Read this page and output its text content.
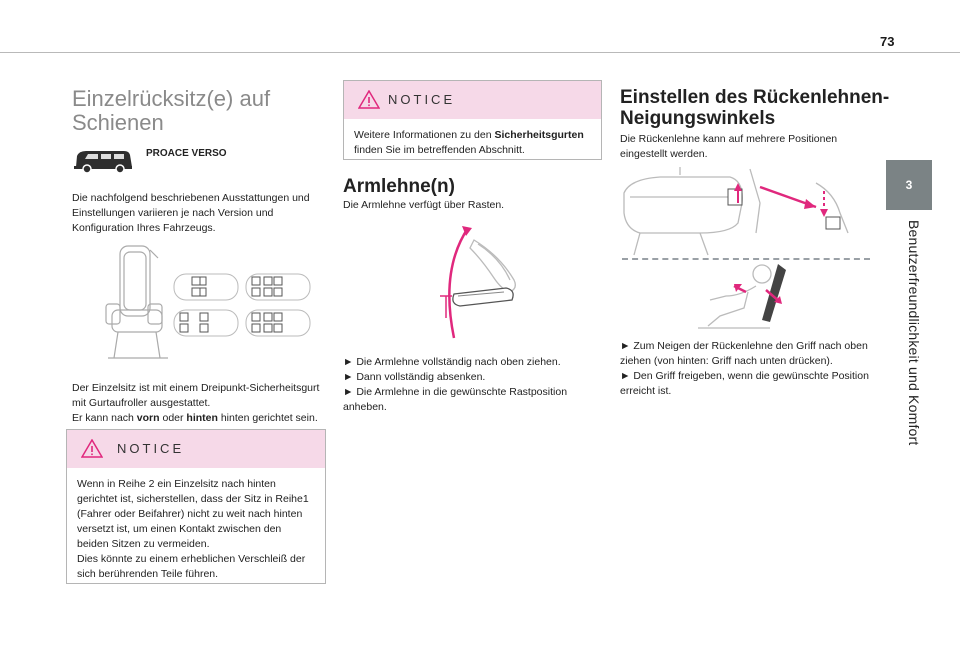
73
3
Benutzerfreundlichkeit und Komfort
Einzelrücksitz(e) auf
Schienen
PROACE VERSO
Die nachfolgend beschriebenen Ausstattungen und Einstellungen variieren je nach Version und Konfiguration Ihres Fahrzeugs.
Der Einzelsitz ist mit einem Dreipunkt-Sicherheitsgurt mit Gurtaufroller ausgestattet.
Er kann nach vorn oder hinten hinten gerichtet sein.
NOTICE
Wenn in Reihe 2 ein Einzelsitz nach hinten gerichtet ist, sicherstellen, dass der Sitz in Reihe1 (Fahrer oder Beifahrer) nicht zu weit nach hinten versetzt ist, um einen Kontakt zwischen den beiden Sitzen zu vermeiden.
Dies könnte zu einem erheblichen Verschleiß der sich berührenden Teile führen.
NOTICE
Weitere Informationen zu den Sicherheitsgurten finden Sie im betreffenden Abschnitt.
Armlehne(n)
Die Armlehne verfügt über Rasten.
► Die Armlehne vollständig nach oben ziehen.
► Dann vollständig absenken.
► Die Armlehne in die gewünschte Rastposition anheben.
Einstellen des Rückenlehnen-
Neigungswinkels
Die Rückenlehne kann auf mehrere Positionen eingestellt werden.
► Zum Neigen der Rückenlehne den Griff nach oben ziehen (von hinten: Griff nach unten drücken).
► Den Griff freigeben, wenn die gewünschte Position erreicht ist.
